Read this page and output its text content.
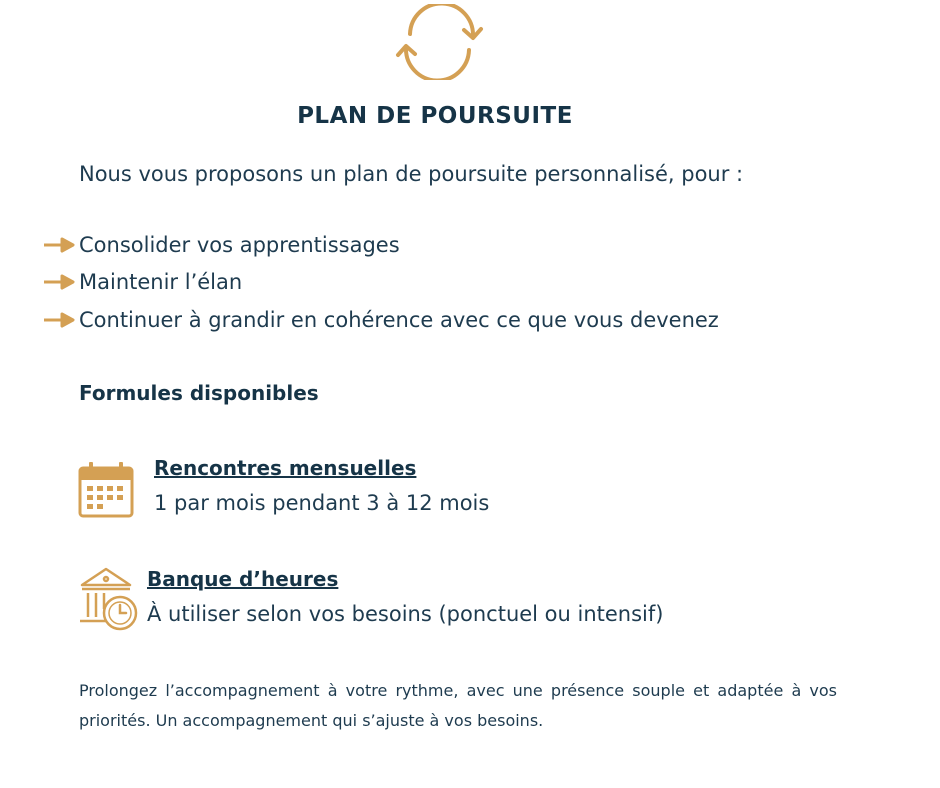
PLAN DE POURSUITE
Nous vous proposons un plan de poursuite personnalisé, pour :
Consolider vos apprentissages
Maintenir l’élan
Continuer à grandir en cohérence avec ce que vous devenez
Formules disponibles
Rencontres mensuelles
1 par mois pendant 3 à 12 mois
Banque d’heures
À utiliser selon vos besoins (ponctuel ou intensif)
Prolongez l’accompagnement à votre rythme, avec une présence souple et adaptée à vos priorités. Un accompagnement qui s’ajuste à vos besoins.
